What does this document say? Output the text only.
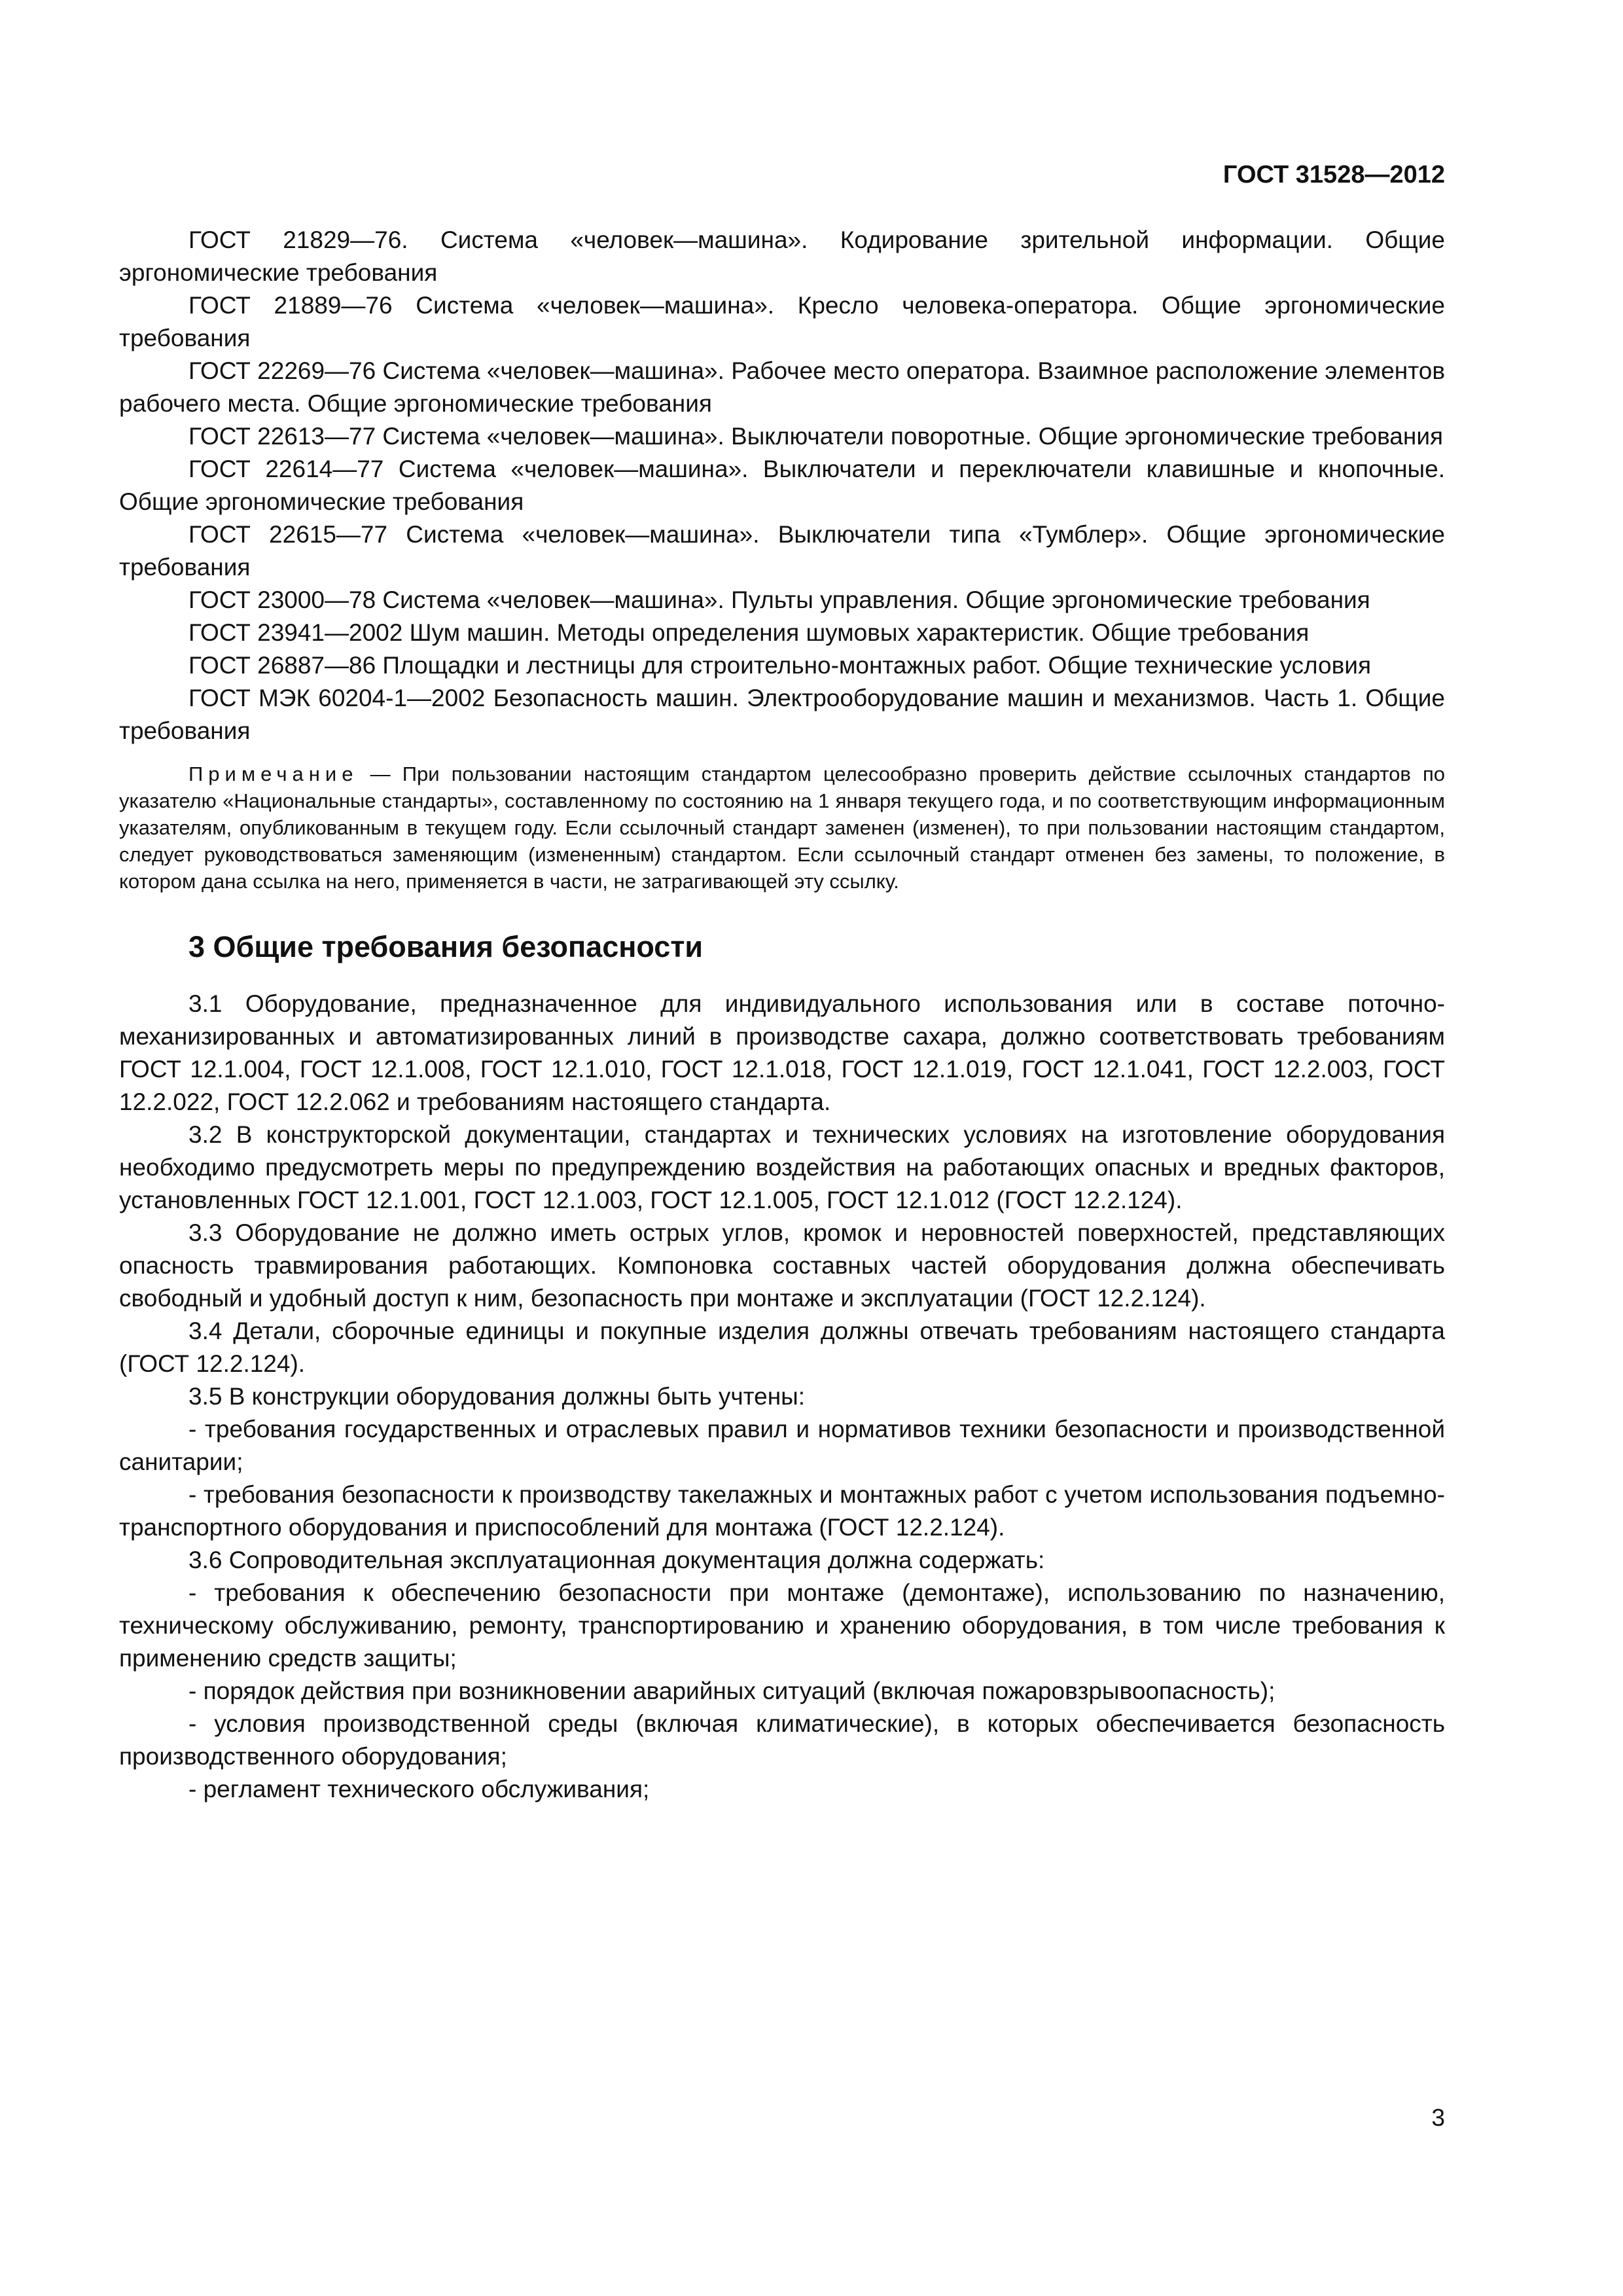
ГОСТ 31528—2012

ГОСТ 21829—76. Система «человек—машина». Кодирование зрительной информации. Общие эргономические требования

ГОСТ 21889—76 Система «человек—машина». Кресло человека-оператора. Общие эргономические требования

ГОСТ 22269—76 Система «человек—машина». Рабочее место оператора. Взаимное расположение элементов рабочего места. Общие эргономические требования

ГОСТ 22613—77 Система «человек—машина». Выключатели поворотные. Общие эргономические требования

ГОСТ 22614—77 Система «человек—машина». Выключатели и переключатели клавишные и кнопочные. Общие эргономические требования

ГОСТ 22615—77 Система «человек—машина». Выключатели типа «Тумблер». Общие эргономические требования

ГОСТ 23000—78 Система «человек—машина». Пульты управления. Общие эргономические требования

ГОСТ 23941—2002 Шум машин. Методы определения шумовых характеристик. Общие требования

ГОСТ 26887—86 Площадки и лестницы для строительно-монтажных работ. Общие технические условия

ГОСТ МЭК 60204-1—2002 Безопасность машин. Электрооборудование машин и механизмов. Часть 1. Общие требования

Примечание — При пользовании настоящим стандартом целесообразно проверить действие ссылочных стандартов по указателю «Национальные стандарты», составленному по состоянию на 1 января текущего года, и по соответствующим информационным указателям, опубликованным в текущем году. Если ссылочный стандарт заменен (изменен), то при пользовании настоящим стандартом, следует руководствоваться заменяющим (измененным) стандартом. Если ссылочный стандарт отменен без замены, то положение, в котором дана ссылка на него, применяется в части, не затрагивающей эту ссылку.

3 Общие требования безопасности

3.1 Оборудование, предназначенное для индивидуального использования или в составе поточно-механизированных и автоматизированных линий в производстве сахара, должно соответствовать требованиям ГОСТ 12.1.004, ГОСТ 12.1.008, ГОСТ 12.1.010, ГОСТ 12.1.018, ГОСТ 12.1.019, ГОСТ 12.1.041, ГОСТ 12.2.003, ГОСТ 12.2.022, ГОСТ 12.2.062 и требованиям настоящего стандарта.

3.2 В конструкторской документации, стандартах и технических условиях на изготовление оборудования необходимо предусмотреть меры по предупреждению воздействия на работающих опасных и вредных факторов, установленных ГОСТ 12.1.001, ГОСТ 12.1.003, ГОСТ 12.1.005, ГОСТ 12.1.012 (ГОСТ 12.2.124).

3.3 Оборудование не должно иметь острых углов, кромок и неровностей поверхностей, представляющих опасность травмирования работающих. Компоновка составных частей оборудования должна обеспечивать свободный и удобный доступ к ним, безопасность при монтаже и эксплуатации (ГОСТ 12.2.124).

3.4 Детали, сборочные единицы и покупные изделия должны отвечать требованиям настоящего стандарта (ГОСТ 12.2.124).

3.5 В конструкции оборудования должны быть учтены:

- требования государственных и отраслевых правил и нормативов техники безопасности и производственной санитарии;

- требования безопасности к производству такелажных и монтажных работ с учетом использования подъемно-транспортного оборудования и приспособлений для монтажа (ГОСТ 12.2.124).

3.6 Сопроводительная эксплуатационная документация должна содержать:

- требования к обеспечению безопасности при монтаже (демонтаже), использованию по назначению, техническому обслуживанию, ремонту, транспортированию и хранению оборудования, в том числе требования к применению средств защиты;

- порядок действия при возникновении аварийных ситуаций (включая пожаровзрывоопасность);

- условия производственной среды (включая климатические), в которых обеспечивается безопасность производственного оборудования;

- регламент технического обслуживания;

3
